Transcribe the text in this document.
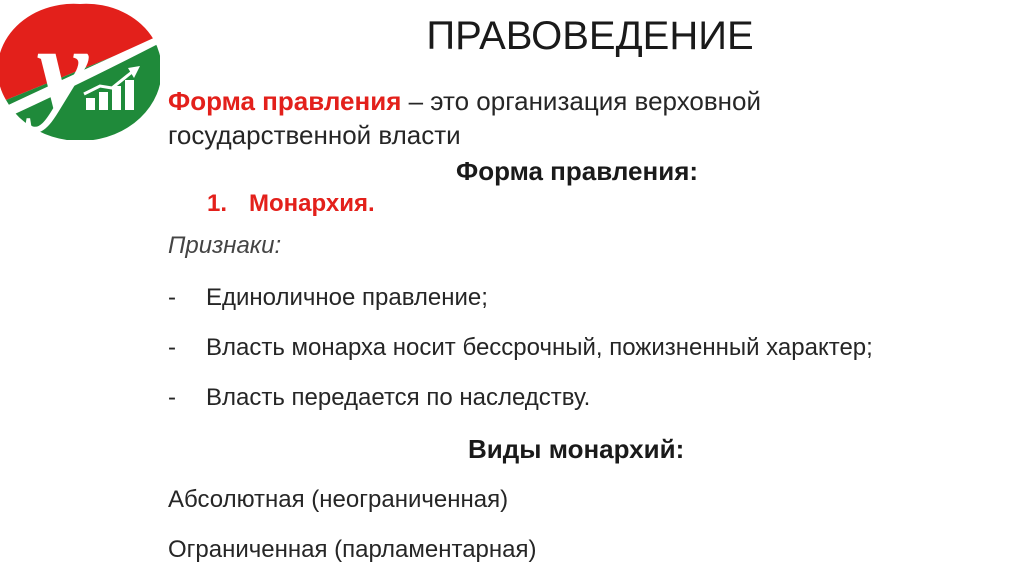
у	ПРАВОВЕДЕНИЕ
Форма правления – это организация верховной
государственной власти
Форма правления:
1. Монархия.
Признаки:
- Единоличное правление;
- Власть монарха носит бессрочный, пожизненный характер;
- Власть передается по наследству.
Виды монархий:
Абсолютная (неограниченная)
Ограниченная (парламентарная)
